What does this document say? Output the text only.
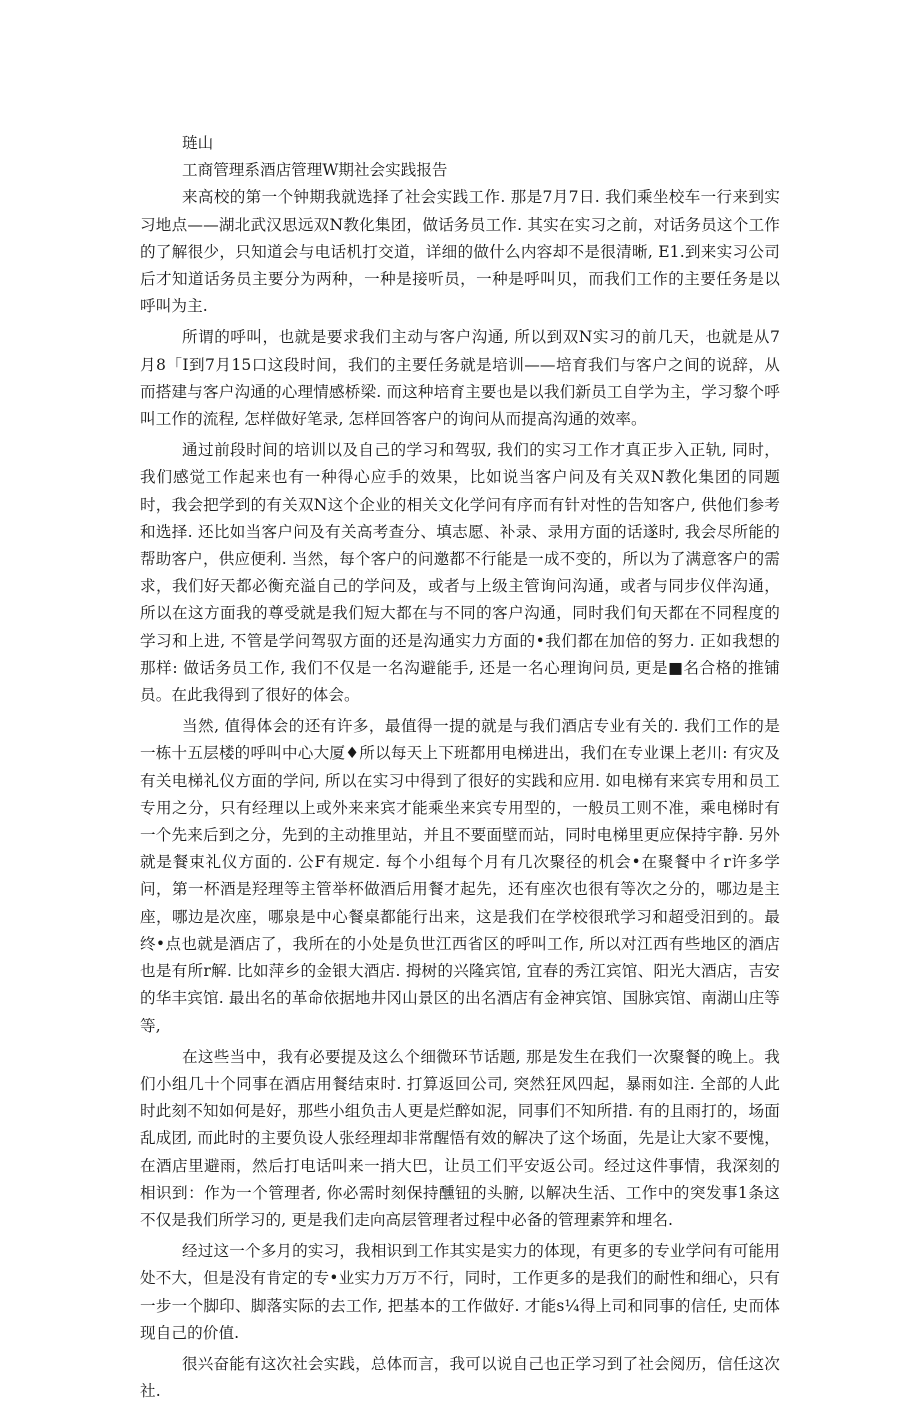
琏山

工商管理系酒店管理W期社会实践报告

来高校的第一个钟期我就选择了社会实践工作. 那是7月7日. 我们乘坐校车一行来到实习地点——湖北武汉思远双N教化集团，做话务员工作. 其实在实习之前，对话务员这个工作的了解很少，只知道会与电话机打交道，详细的做什么内容却不是很清晰, E1.到来实习公司后才知道话务员主要分为两种，一种是接听员，一种是呼叫贝，而我们工作的主要任务是以呼叫为主.

所谓的呼叫，也就是要求我们主动与客户沟通, 所以到双N实习的前几天，也就是从7月8「I到7月15口这段时间，我们的主要任务就是培训——培育我们与客户之间的说辞，从而搭建与客户沟通的心理情感桥梁. 而这种培育主要也是以我们新员工自学为主，学习黎个呼叫工作的流程, 怎样做好笔录, 怎样回答客户的询问从而提高沟通的效率。

通过前段时间的培训以及自己的学习和驾驭, 我们的实习工作才真正步入正轨, 同时，我们感觉工作起来也有一种得心应手的效果，比如说当客户问及有关双N教化集团的同题时，我会把学到的有关双N这个企业的相关文化学问有序而有针对性的告知客户, 供他们参考和选择. 还比如当客户问及有关高考查分、填志愿、补录、录用方面的话遂时, 我会尽所能的帮助客户，供应便利. 当然，每个客户的问邀都不行能是一成不变的，所以为了满意客户的需求，我们好天都必衡充溢自己的学问及，或者与上级主管询问沟通，或者与同步仪伴沟通，所以在这方面我的尊受就是我们短大都在与不同的客户沟通，同时我们旬天都在不同程度的学习和上进, 不管是学问驾驭方面的还是沟通实力方面的•我们都在加倍的努力. 正如我想的那样: 做话务员工作, 我们不仅是一名沟避能手, 还是一名心理询问员, 更是■名合格的推铺员。在此我得到了很好的体会。

当然, 值得体会的还有许多，最值得一提的就是与我们酒店专业有关的. 我们工作的是一栋十五层楼的呼叫中心大厦♦所以每天上下班都用电梯进出，我们在专业课上老川: 有灾及有关电梯礼仪方面的学问, 所以在实习中得到了很好的实践和应用. 如电梯有来宾专用和员工专用之分，只有经理以上或外来来宾才能乘坐来宾专用型的，一般员工则不准，乘电梯时有一个先来后到之分，先到的主动推里站，并且不要面壁而站，同时电梯里更应保持宇静. 另外就是餐束礼仪方面的. 公F有规定. 每个小组每个月有几次聚径的机会•在聚餐中彳r许多学问，第一杯酒是羟理等主管举杯做酒后用餐才起先，还有座次也很有等次之分的，哪边是主座，哪边是次座，哪泉是中心餐桌都能行出来，这是我们在学校很玳学习和超受汨到的。最终•点也就是酒店了，我所在的小处是负世江西省区的呼叫工作, 所以对江西有些地区的酒店也是有所r解. 比如萍乡的金银大酒店. 拇树的兴隆宾馆, 宜春的秀江宾馆、阳光大酒店，吉安的华丰宾馆. 最出名的革命依据地井冈山景区的出名酒店有金神宾馆、国脉宾馆、南湖山庄等等,

在这些当中，我有必要提及这么个细微环节话题, 那是发生在我们一次聚餐的晚上。我们小组几十个同事在酒店用餐结束时. 打算返回公司, 突然狂风四起，暴雨如注. 全部的人此时此刻不知如何是好，那些小组负击人更是烂醉如泥，同事们不知所措. 有的且雨打的，场面乱成团, 而此时的主要负设人张经理却非常醒悟有效的解决了这个场面，先是让大家不要愧，在酒店里避雨，然后打电话叫来一捎大巴，让员工们平安返公司。经过这件事情，我深刻的相识到：作为一个管理者, 你必需时刻保持醺钮的头腑, 以解决生活、工作中的突发事1条这不仅是我们所学习的, 更是我们走向高层管理者过程中必备的管理素笄和埋名.

经过这一个多月的实习，我相识到工作其实是实力的体现，有更多的专业学问有可能用处不大，但是没有肯定的专•业实力万万不行，同时，工作更多的是我们的耐性和细心，只有一步一个脚印、脚落实际的去工作, 把基本的工作做好. 才能s¼得上司和同事的信任, 史而体现自己的价值.

很兴奋能有这次社会实践，总体而言，我可以说自己也正学习到了社会阅历，信任这次社.
